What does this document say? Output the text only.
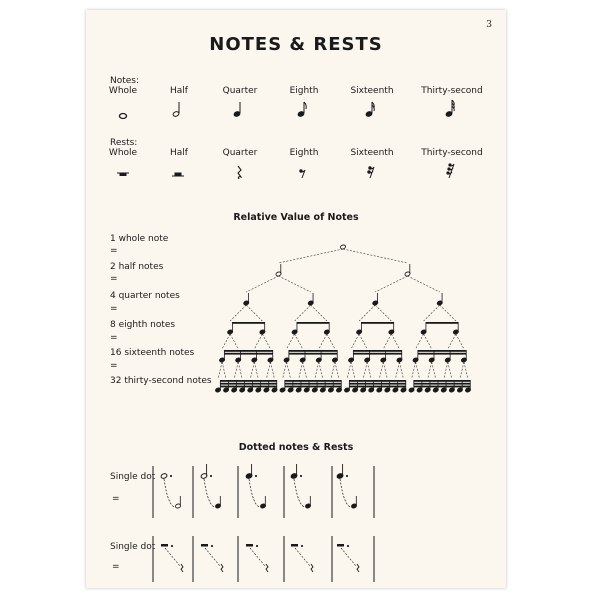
3
NOTES & RESTS
Notes:
Whole	Half	Quarter	Eighth	Sixteenth	Thirty-second
Rests:
Whole	Half	Quarter	Eighth	Sixteenth	Thirty-second
Relative Value of Notes
1 whole note
=
2 half notes
=
4 quarter notes
=
8 eighth notes
=
16 sixteenth notes
=
32 thirty-second notes
Dotted notes & Rests
Single dot
=
Single dot
=
